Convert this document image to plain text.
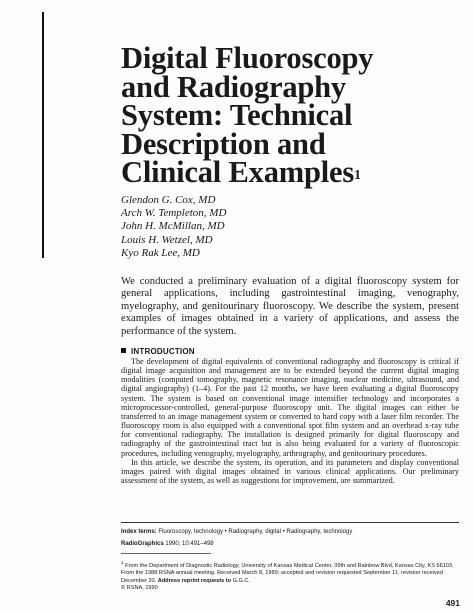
Digital Fluoroscopy
and Radiography
System: Technical
Description and
Clinical Examples$^1$
Glendon G. Cox, MD
Arch W. Templeton, MD
John H. McMillan, MD
Louis H. Wetzel, MD
Kyo Rak Lee, MD
We conducted a preliminary evaluation of a digital fluoroscopy system for general applications, including gastrointestinal imaging, venography, myelography, and genitourinary fluoroscopy. We describe the system, present examples of images obtained in a variety of applications, and assess the performance of the system.
INTRODUCTION

The development of digital equivalents of conventional radiography and fluoroscopy is critical if digital image acquisition and management are to be extended beyond the current digital imaging modalities (computed tomography, magnetic resonance imaging, nuclear medicine, ultrasound, and digital angiography) (1–4). For the past 12 months, we have been evaluating a digital fluoroscopy system. The system is based on conventional image intensifier technology and incorporates a microprocessor-controlled, general-purpose fluoroscopy unit. The digital images can either be transferred to an image management system or converted to hard copy with a laser film recorder. The fluoroscopy room is also equipped with a conventional spot film system and an overhead x-ray tube for conventional radiography. The installation is designed primarily for digital fluoroscopy and radiography of the gastrointestinal tract but is also being evaluated for a variety of fluoroscopic procedures, including venography, myelography, arthrography, and genitourinary procedures.

In this article, we describe the system, its operation, and its parameters and display conventional images paired with digital images obtained in various clinical applications. Our preliminary assessment of the system, as well as suggestions for improvement, are summarized.

Index terms: Fluoroscopy, technology • Radiography, digital • Radiography, technology
RadioGraphics 1990; 10:491–498
$^1$ From the Department of Diagnostic Radiology, University of Kansas Medical Center, 39th and Rainbow Blvd, Kansas City, KS 66103. From the 1988 RSNA annual meeting. Received March 8, 1989; accepted and revision requested September 11; revision received December 20. Address reprint requests to G.G.C.
© RSNA, 1990
491
